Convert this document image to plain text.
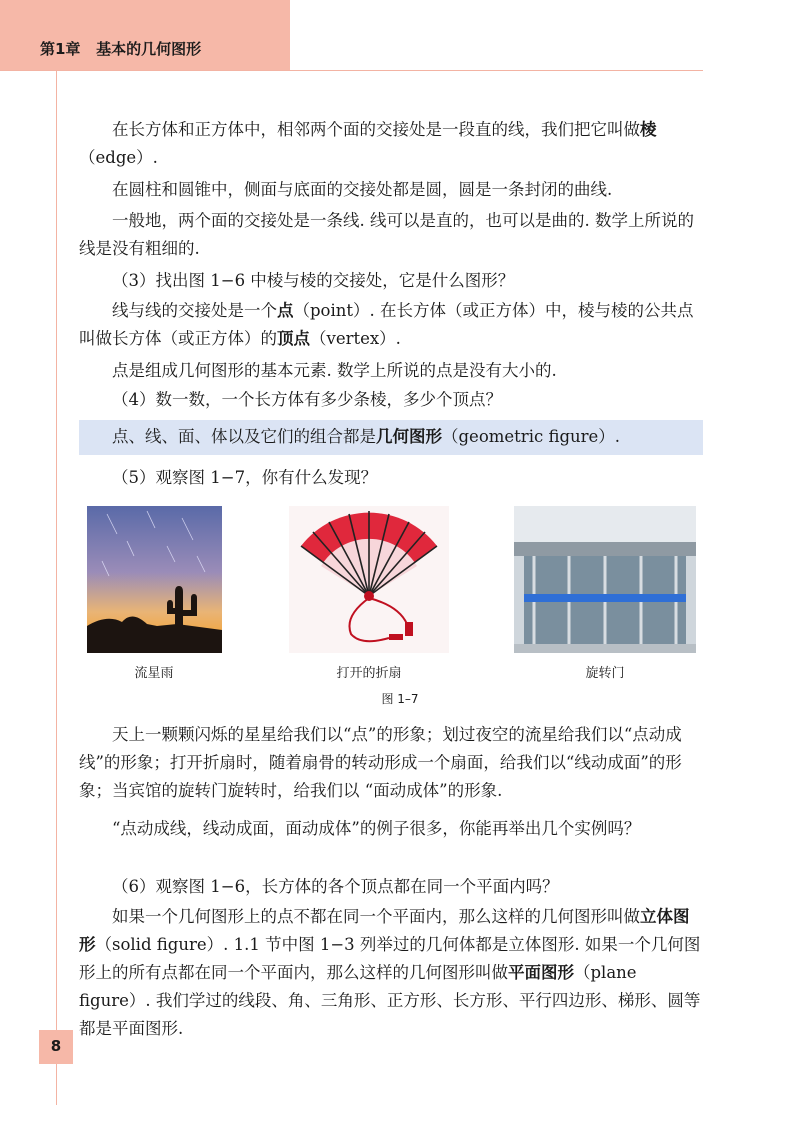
第1章 基本的几何图形

在长方体和正方体中，相邻两个面的交接处是一段直的线，我们把它叫做棱（edge）.

在圆柱和圆锥中，侧面与底面的交接处都是圆，圆是一条封闭的曲线.

一般地，两个面的交接处是一条线. 线可以是直的，也可以是曲的. 数学上所说的线是没有粗细的.

（3）找出图 1−6 中棱与棱的交接处，它是什么图形？

线与线的交接处是一个点（point）. 在长方体（或正方体）中，棱与棱的公共点叫做长方体（或正方体）的顶点（vertex）.

点是组成几何图形的基本元素. 数学上所说的点是没有大小的.

（4）数一数，一个长方体有多少条棱，多少个顶点？

点、线、面、体以及它们的组合都是几何图形（geometric figure）.

（5）观察图 1−7，你有什么发现？

流星雨	打开的折扇	旋转门
图 1–7

天上一颗颗闪烁的星星给我们以“点”的形象；划过夜空的流星给我们以“点动成线”的形象；打开折扇时，随着扇骨的转动形成一个扇面，给我们以“线动成面”的形象；当宾馆的旋转门旋转时，给我们以 “面动成体”的形象.

“点动成线，线动成面，面动成体”的例子很多，你能再举出几个实例吗？

（6）观察图 1−6，长方体的各个顶点都在同一个平面内吗？

如果一个几何图形上的点不都在同一个平面内，那么这样的几何图形叫做立体图形（solid figure）. 1.1 节中图 1−3 列举过的几何体都是立体图形. 如果一个几何图形上的所有点都在同一个平面内，那么这样的几何图形叫做平面图形（plane figure）. 我们学过的线段、角、三角形、正方形、长方形、平行四边形、梯形、圆等都是平面图形.

8
